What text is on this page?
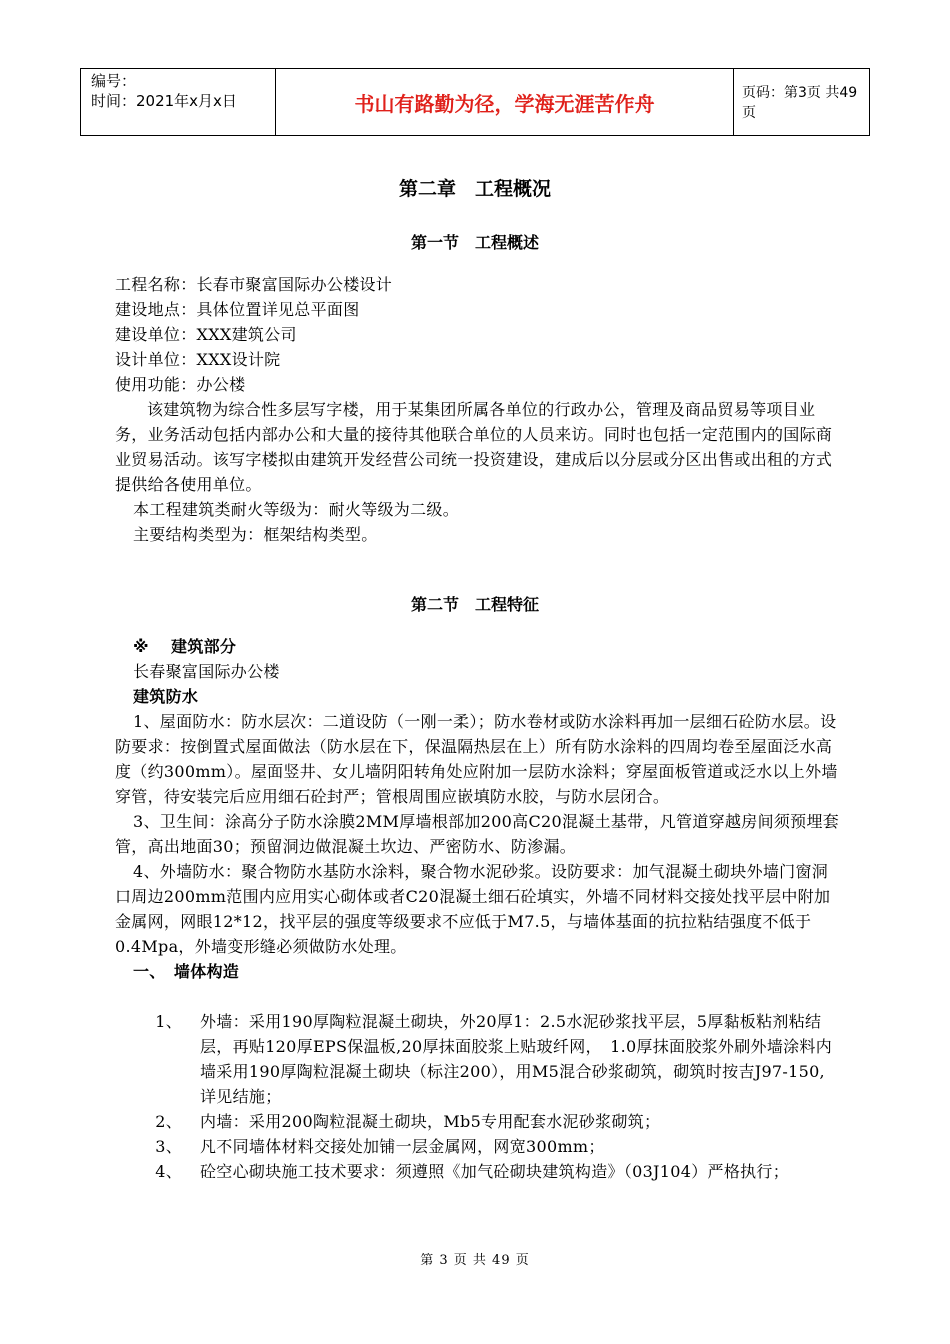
编号：
时间：2021年x月x日	书山有路勤为径，学海无涯苦作舟	页码：第3页 共49页
第二章　工程概况
第一节　工程概述

工程名称：长春市聚富国际办公楼设计

建设地点：具体位置详见总平面图

建设单位：XXX建筑公司

设计单位：XXX设计院

使用功能：办公楼

该建筑物为综合性多层写字楼，用于某集团所属各单位的行政办公，管理及商品贸易等项目业务，业务活动包括内部办公和大量的接待其他联合单位的人员来访。同时也包括一定范围内的国际商业贸易活动。该写字楼拟由建筑开发经营公司统一投资建设，建成后以分层或分区出售或出租的方式提供给各使用单位。

本工程建筑类耐火等级为：耐火等级为二级。

主要结构类型为：框架结构类型。

第二节　工程特征

※　 建筑部分

长春聚富国际办公楼

建筑防水

1、屋面防水：防水层次：二道设防（一刚一柔）；防水卷材或防水涂料再加一层细石砼防水层。设防要求：按倒置式屋面做法（防水层在下，保温隔热层在上）所有防水涂料的四周均卷至屋面泛水高度（约300mm）。屋面竖井、女儿墙阴阳转角处应附加一层防水涂料；穿屋面板管道或泛水以上外墙穿管，待安装完后应用细石砼封严；管根周围应嵌填防水胶，与防水层闭合。

3、卫生间：涂高分子防水涂膜2MM厚墙根部加200高C20混凝土基带，凡管道穿越房间须预埋套管，高出地面30；预留洞边做混凝土坎边、严密防水、防渗漏。

4、外墙防水：聚合物防水基防水涂料，聚合物水泥砂浆。设防要求：加气混凝土砌块外墙门窗洞口周边200mm范围内应用实心砌体或者C20混凝土细石砼填实，外墙不同材料交接处找平层中附加金属网，网眼12*12，找平层的强度等级要求不应低于M7.5，与墙体基面的抗拉粘结强度不低于0.4Mpa，外墙变形缝必须做防水处理。

一、　墙体构造

1、	外墙：采用190厚陶粒混凝土砌块，外20厚1：2.5水泥砂浆找平层，5厚黏板粘剂粘结层，再贴120厚EPS保温板,20厚抹面胶浆上贴玻纤网，　1.0厚抹面胶浆外刷外墙涂料内墙采用190厚陶粒混凝土砌块（标注200），用M5混合砂浆砌筑，砌筑时按吉J97-150,详见结施；
2、	内墙：采用200陶粒混凝土砌块，Mb5专用配套水泥砂浆砌筑；
3、	凡不同墙体材料交接处加铺一层金属网，网宽300mm；
4、	砼空心砌块施工技术要求：须遵照《加气砼砌块建筑构造》（03J104）严格执行；
第 3 页 共 49 页
